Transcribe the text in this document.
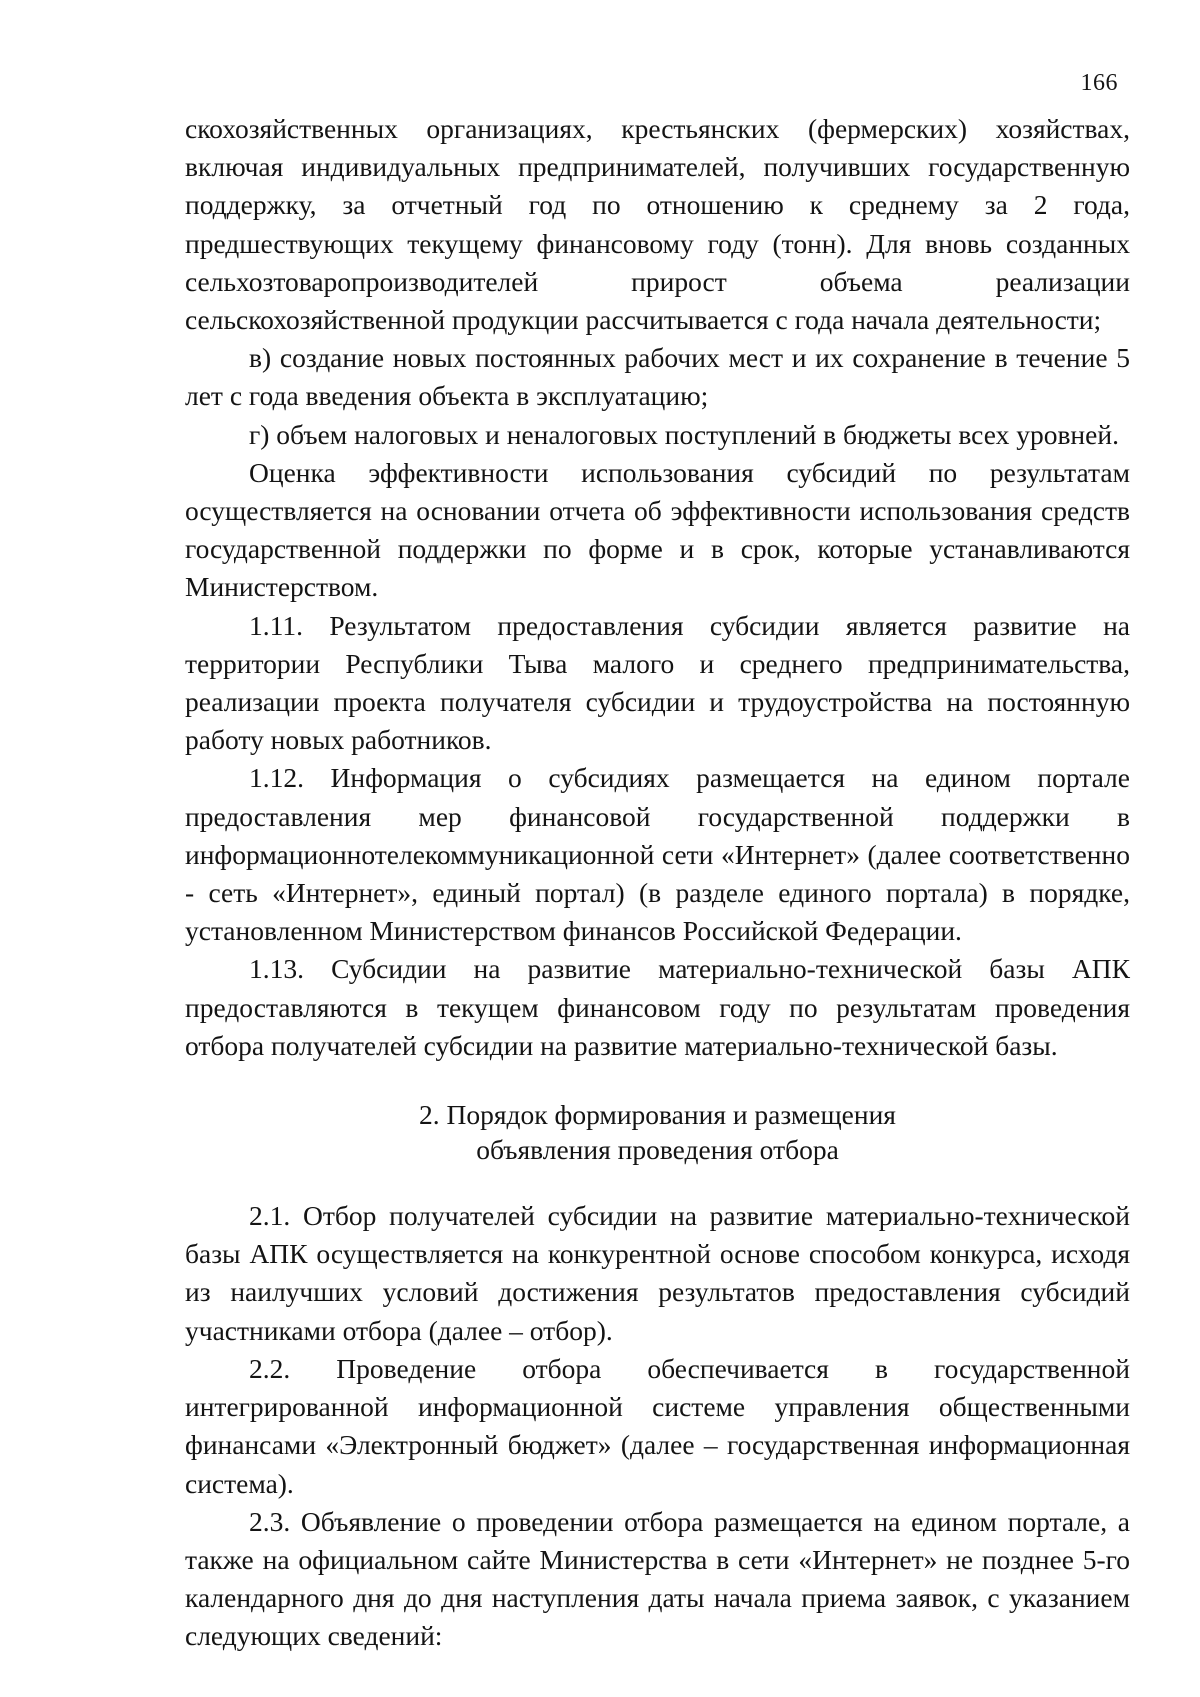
166

скохозяйственных организациях, крестьянских (фермерских) хозяйствах, включая индивидуальных предпринимателей, получивших государственную поддержку, за отчетный год по отношению к среднему за 2 года, предшествующих текущему финансовому году (тонн). Для вновь созданных сельхозтоваропроизводителей прирост объема реализации сельскохозяйственной продукции рассчитывается с года начала деятельности;

в) создание новых постоянных рабочих мест и их сохранение в течение 5 лет с года введения объекта в эксплуатацию;

г) объем налоговых и неналоговых поступлений в бюджеты всех уровней.

Оценка эффективности использования субсидий по результатам осуществляется на основании отчета об эффективности использования средств государственной поддержки по форме и в срок, которые устанавливаются Министерством.

1.11. Результатом предоставления субсидии является развитие на территории Республики Тыва малого и среднего предпринимательства, реализации проекта получателя субсидии и трудоустройства на постоянную работу новых работников.

1.12. Информация о субсидиях размещается на едином портале предоставления мер финансовой государственной поддержки в информационнотелекоммуникационной сети «Интернет» (далее соответственно - сеть «Интернет», единый портал) (в разделе единого портала) в порядке, установленном Министерством финансов Российской Федерации.

1.13. Субсидии на развитие материально-технической базы АПК предоставляются в текущем финансовом году по результатам проведения отбора получателей субсидии на развитие материально-технической базы.

2. Порядок формирования и размещения
объявления проведения отбора

2.1. Отбор получателей субсидии на развитие материально-технической базы АПК осуществляется на конкурентной основе способом конкурса, исходя из наилучших условий достижения результатов предоставления субсидий участниками отбора (далее – отбор).

2.2. Проведение отбора обеспечивается в государственной интегрированной информационной системе управления общественными финансами «Электронный бюджет» (далее – государственная информационная система).

2.3. Объявление о проведении отбора размещается на едином портале, а также на официальном сайте Министерства в сети «Интернет» не позднее 5-го календарного дня до дня наступления даты начала приема заявок, с указанием следующих сведений:
